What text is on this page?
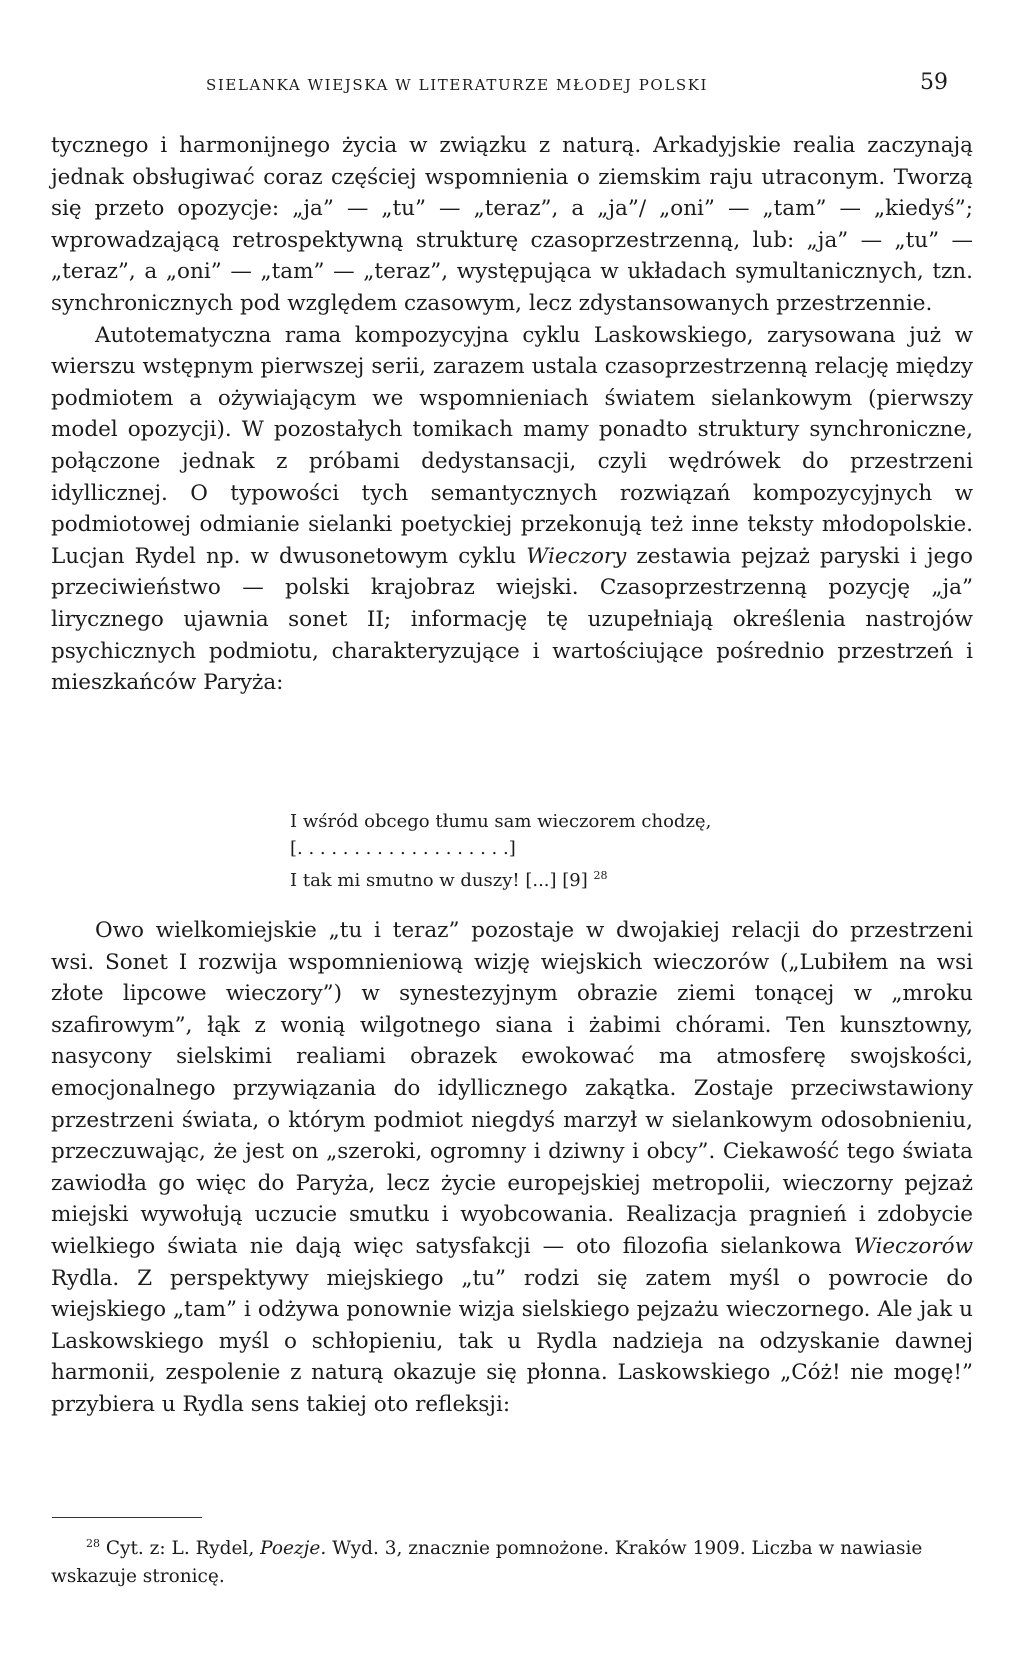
SIELANKA WIEJSKA W LITERATURZE MŁODEJ POLSKI	59

tycznego i harmonijnego życia w związku z naturą. Arkadyjskie realia zaczynają jednak obsługiwać coraz częściej wspomnienia o ziemskim raju utraconym. Tworzą się przeto opozycje: „ja” — „tu” — „teraz”, a „ja”/ „oni” — „tam” — „kiedyś”; wprowadzającą retrospektywną strukturę czasoprzestrzenną, lub: „ja” — „tu” — „teraz”, a „oni” — „tam” — „teraz”, występująca w układach symultanicznych, tzn. synchronicznych pod względem czasowym, lecz zdystansowanych przestrzennie.

Autotematyczna rama kompozycyjna cyklu Laskowskiego, zarysowana już w wierszu wstępnym pierwszej serii, zarazem ustala czasoprzestrzenną relację między podmiotem a ożywiającym we wspomnieniach światem sielankowym (pierwszy model opozycji). W pozostałych tomikach mamy ponadto struktury synchroniczne, połączone jednak z próbami dedystansacji, czyli wędrówek do przestrzeni idyllicznej. O typowości tych semantycznych rozwiązań kompozycyjnych w podmiotowej odmianie sielanki poetyckiej przekonują też inne teksty młodopolskie. Lucjan Rydel np. w dwusonetowym cyklu Wieczory zestawia pejzaż paryski i jego przeciwieństwo — polski krajobraz wiejski. Czasoprzestrzenną pozycję „ja” lirycznego ujawnia sonet II; informację tę uzupełniają określenia nastrojów psychicznych podmiotu, charakteryzujące i wartościujące pośrednio przestrzeń i mieszkańców Paryża:

I wśród obcego tłumu sam wieczorem chodzę,
[. . . . . . . . . . . . . . . . . . .]
I tak mi smutno w duszy! [...] [9] $^{28}$

Owo wielkomiejskie „tu i teraz” pozostaje w dwojakiej relacji do przestrzeni wsi. Sonet I rozwija wspomnieniową wizję wiejskich wieczorów („Lubiłem na wsi złote lipcowe wieczory”) w synestezyjnym obrazie ziemi tonącej w „mroku szafirowym”, łąk z wonią wilgotnego siana i żabimi chórami. Ten kunsztowny, nasycony sielskimi realiami obrazek ewokować ma atmosferę swojskości, emocjonalnego przywiązania do idyllicznego zakątka. Zostaje przeciwstawiony przestrzeni świata, o którym podmiot niegdyś marzył w sielankowym odosobnieniu, przeczuwając, że jest on „szeroki, ogromny i dziwny i obcy”. Ciekawość tego świata zawiodła go więc do Paryża, lecz życie europejskiej metropolii, wieczorny pejzaż miejski wywołują uczucie smutku i wyobcowania. Realizacja pragnień i zdobycie wielkiego świata nie dają więc satysfakcji — oto filozofia sielankowa Wieczorów Rydla. Z perspektywy miejskiego „tu” rodzi się zatem myśl o powrocie do wiejskiego „tam” i odżywa ponownie wizja sielskiego pejzażu wieczornego. Ale jak u Laskowskiego myśl o schłopieniu, tak u Rydla nadzieja na odzyskanie dawnej harmonii, zespolenie z naturą okazuje się płonna. Laskowskiego „Cóż! nie mogę!” przybiera u Rydla sens takiej oto refleksji:

$^{28}$ Cyt. z: L. Rydel, Poezje. Wyd. 3, znacznie pomnożone. Kraków 1909. Liczba w nawiasie wskazuje stronicę.
